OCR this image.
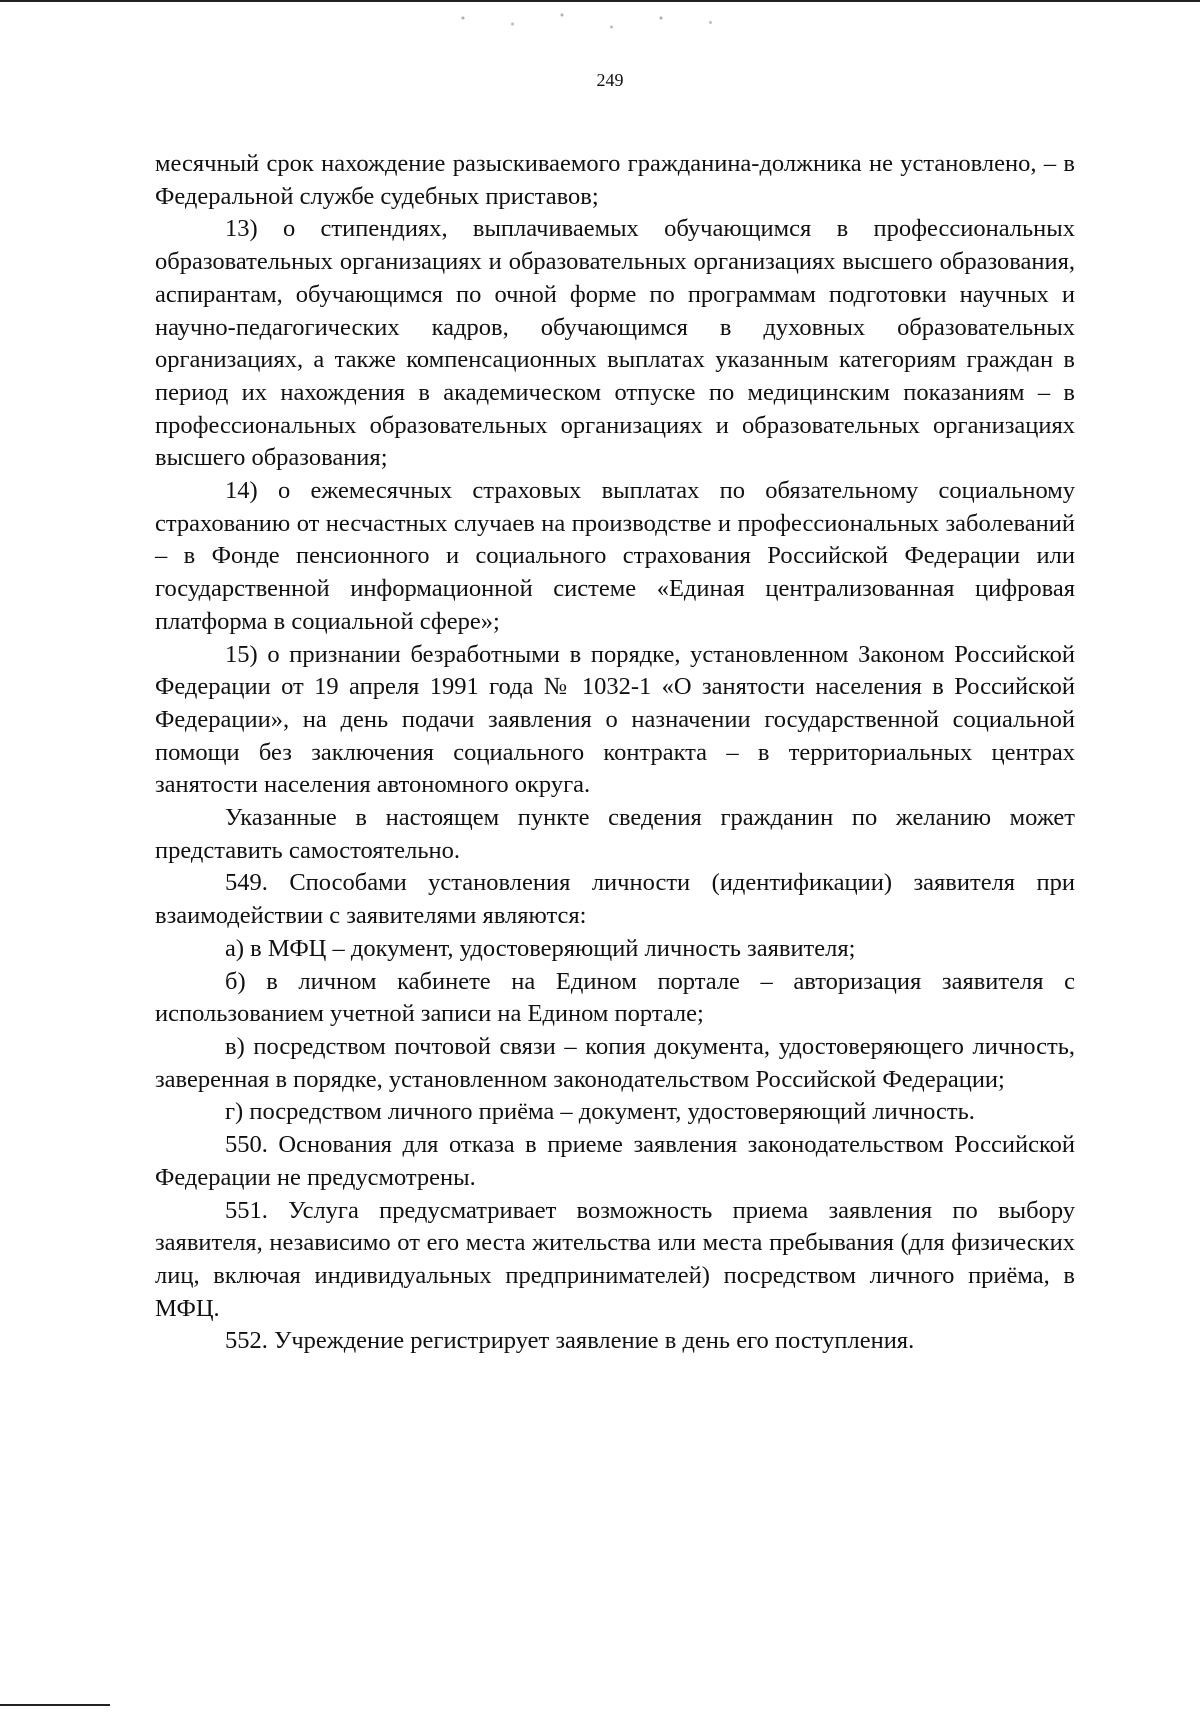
249

месячный срок нахождение разыскиваемого гражданина-должника не установлено, – в Федеральной службе судебных приставов;

13) о стипендиях, выплачиваемых обучающимся в профессиональных образовательных организациях и образовательных организациях высшего образования, аспирантам, обучающимся по очной форме по программам подготовки научных и научно-педагогических кадров, обучающимся в духовных образовательных организациях, а также компенсационных выплатах указанным категориям граждан в период их нахождения в академическом отпуске по медицинским показаниям – в профессиональных образовательных организациях и образовательных организациях высшего образования;

14) о ежемесячных страховых выплатах по обязательному социальному страхованию от несчастных случаев на производстве и профессиональных заболеваний – в Фонде пенсионного и социального страхования Российской Федерации или государственной информационной системе «Единая централизованная цифровая платформа в социальной сфере»;

15) о признании безработными в порядке, установленном Законом Российской Федерации от 19 апреля 1991 года № 1032-1 «О занятости населения в Российской Федерации», на день подачи заявления о назначении государственной социальной помощи без заключения социального контракта – в территориальных центрах занятости населения автономного округа.

Указанные в настоящем пункте сведения гражданин по желанию может представить самостоятельно.

549. Способами установления личности (идентификации) заявителя при взаимодействии с заявителями являются:

а) в МФЦ – документ, удостоверяющий личность заявителя;

б) в личном кабинете на Едином портале – авторизация заявителя с использованием учетной записи на Едином портале;

в) посредством почтовой связи – копия документа, удостоверяющего личность, заверенная в порядке, установленном законодательством Российской Федерации;

г) посредством личного приёма – документ, удостоверяющий личность.

550. Основания для отказа в приеме заявления законодательством Российской Федерации не предусмотрены.

551. Услуга предусматривает возможность приема заявления по выбору заявителя, независимо от его места жительства или места пребывания (для физических лиц, включая индивидуальных предпринимателей) посредством личного приёма, в МФЦ.

552. Учреждение регистрирует заявление в день его поступления.
